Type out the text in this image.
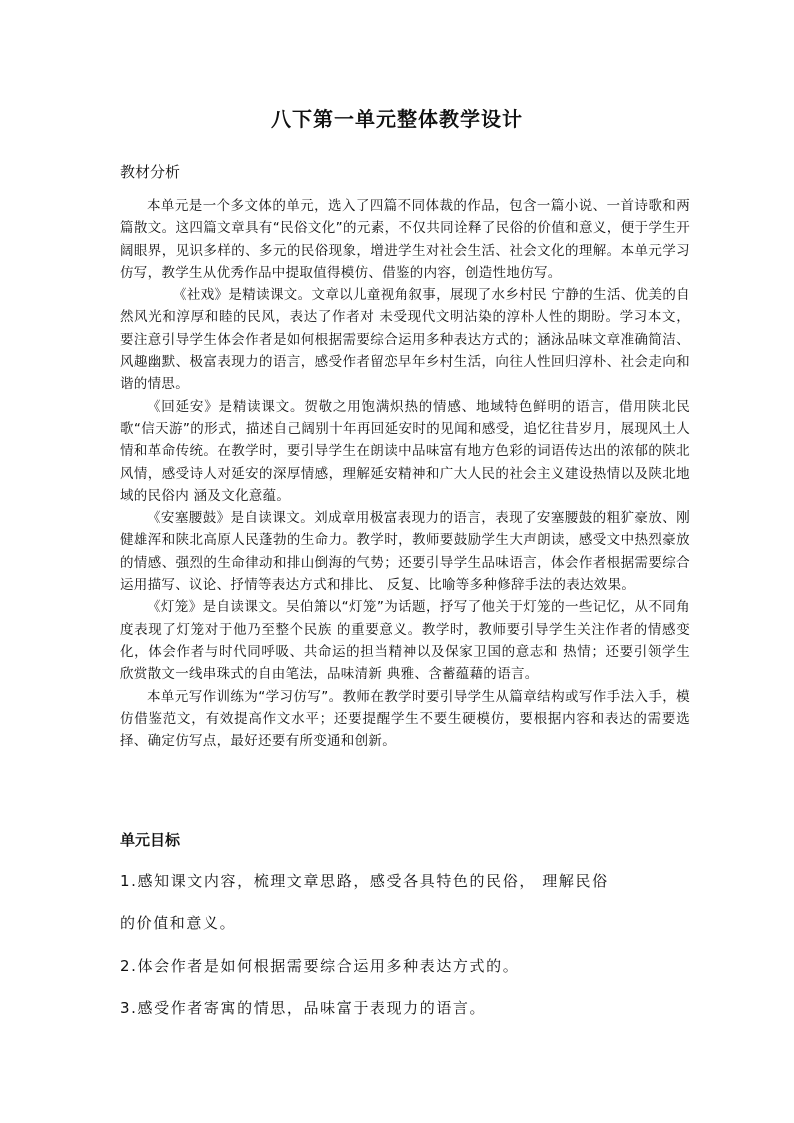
八下第一单元整体教学设计
教材分析

本单元是一个多文体的单元，选入了四篇不同体裁的作品，包含一篇小说、一首诗歌和两篇散文。这四篇文章具有“民俗文化”的元素，不仅共同诠释了民俗的价值和意义，便于学生开阔眼界，见识多样的、多元的民俗现象，增进学生对社会生活、社会文化的理解。本单元学习仿写，教学生从优秀作品中提取值得模仿、借鉴的内容，创造性地仿写。

《社戏》是精读课文。文章以儿童视角叙事，展现了水乡村民 宁静的生活、优美的自然风光和淳厚和睦的民风，表达了作者对 未受现代文明沾染的淳朴人性的期盼。学习本文，要注意引导学生体会作者是如何根据需要综合运用多种表达方式的；涵泳品味文章准确简洁、风趣幽默、极富表现力的语言，感受作者留恋早年乡村生活，向往人性回归淳朴、社会走向和谐的情思。

《回延安》是精读课文。贺敬之用饱满炽热的情感、地域特色鲜明的语言，借用陕北民歌“信天游”的形式，描述自己阔别十年再回延安时的见闻和感受，追忆往昔岁月，展现风土人情和革命传统。在教学时，要引导学生在朗读中品味富有地方色彩的词语传达出的浓郁的陕北风情，感受诗人对延安的深厚情感，理解延安精神和广大人民的社会主义建设热情以及陕北地域的民俗内 涵及文化意蕴。

《安塞腰鼓》是自读课文。刘成章用极富表现力的语言，表现了安塞腰鼓的粗犷豪放、刚健雄浑和陕北高原人民蓬勃的生命力。教学时，教师要鼓励学生大声朗读，感受文中热烈豪放的情感、强烈的生命律动和排山倒海的气势；还要引导学生品味语言，体会作者根据需要综合运用描写、议论、抒情等表达方式和排比、 反复、比喻等多种修辞手法的表达效果。

《灯笼》是自读课文。吴伯箫以“灯笼”为话题，抒写了他关于灯笼的一些记忆，从不同角度表现了灯笼对于他乃至整个民族 的重要意义。教学时，教师要引导学生关注作者的情感变化，体会作者与时代同呼吸、共命运的担当精神以及保家卫国的意志和 热情；还要引领学生欣赏散文一线串珠式的自由笔法，品味清新 典雅、含蓄蕴藉的语言。

本单元写作训练为“学习仿写”。教师在教学时要引导学生从篇章结构或写作手法入手，模仿借鉴范文，有效提高作文水平；还要提醒学生不要生硬模仿，要根据内容和表达的需要选择、确定仿写点，最好还要有所变通和创新。

单元目标
1.感知课文内容，梳理文章思路，感受各具特色的民俗， 理解民俗
的价值和意义。
2.体会作者是如何根据需要综合运用多种表达方式的。
3.感受作者寄寓的情思，品味富于表现力的语言。
